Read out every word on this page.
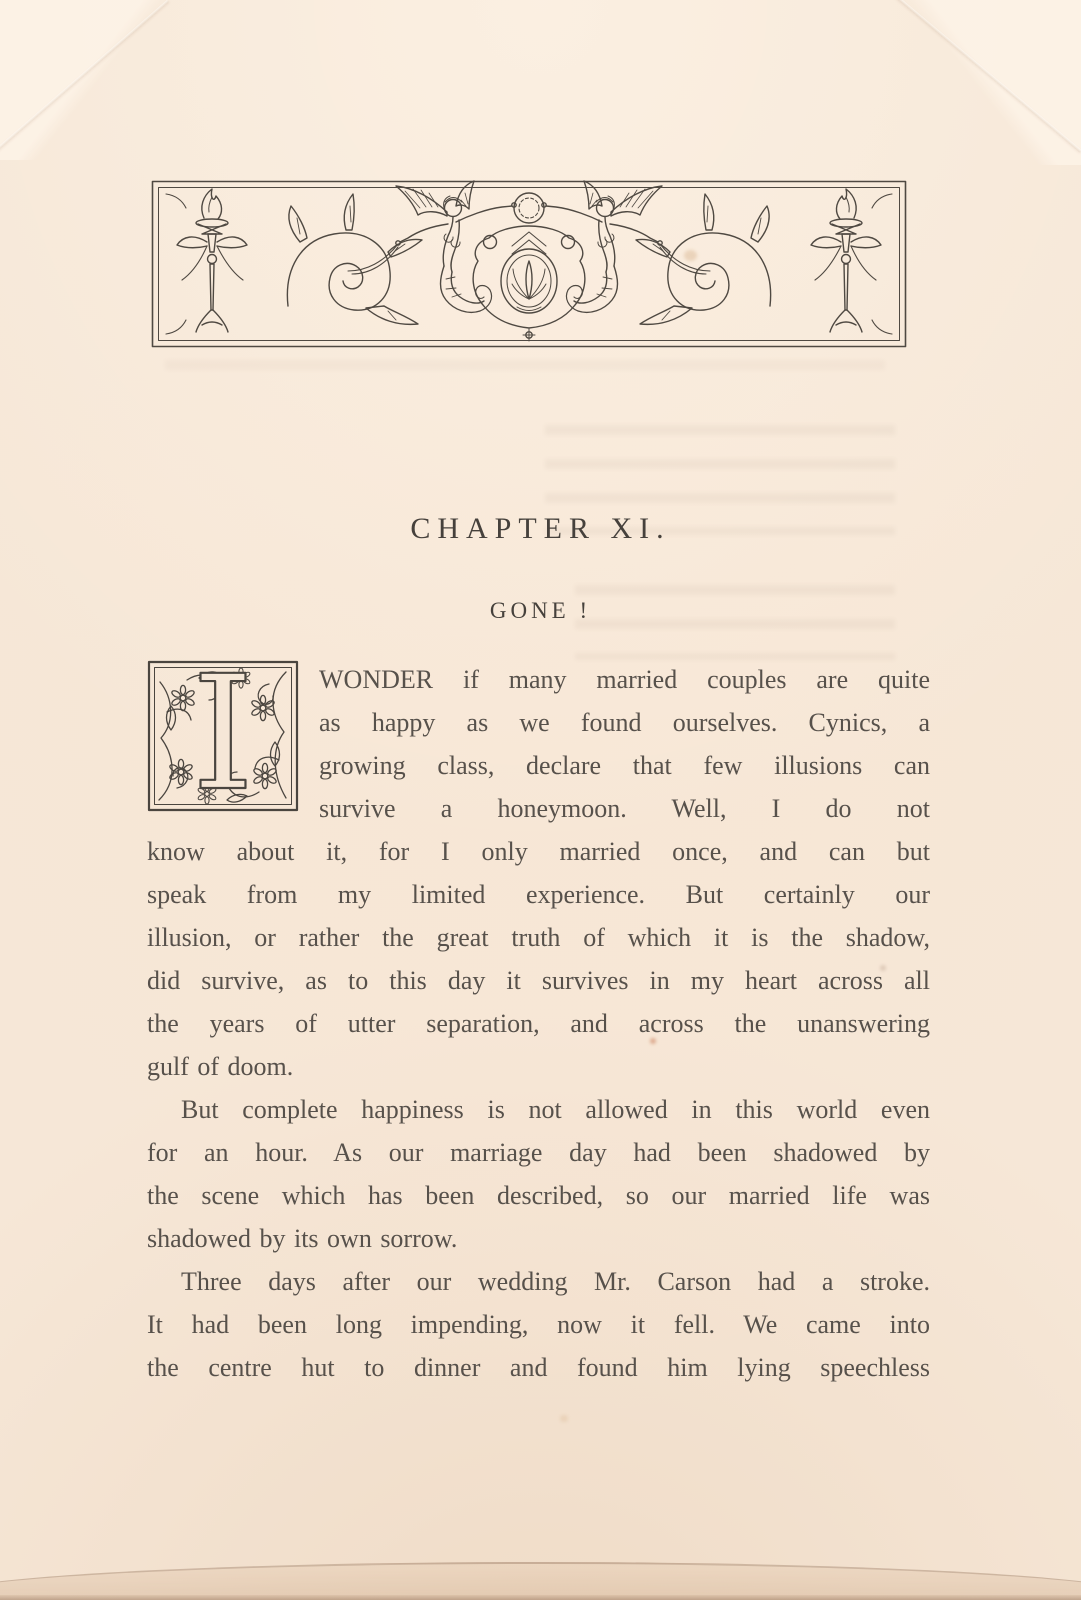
CHAPTER XI.
GONE !
I	WONDER if many married couples are quite
as happy as we found ourselves. Cynics, a
growing class, declare that few illusions can
survive a honeymoon. Well, I do not
know about it, for I only married once, and can but
speak from my limited experience. But certainly our
illusion, or rather the great truth of which it is the shadow,
did survive, as to this day it survives in my heart across all
the years of utter separation, and across the unanswering
gulf of doom.
But complete happiness is not allowed in this world even
for an hour. As our marriage day had been shadowed by
the scene which has been described, so our married life was
shadowed by its own sorrow.
Three days after our wedding Mr. Carson had a stroke.
It had been long impending, now it fell. We came into
the centre hut to dinner and found him lying speechless
